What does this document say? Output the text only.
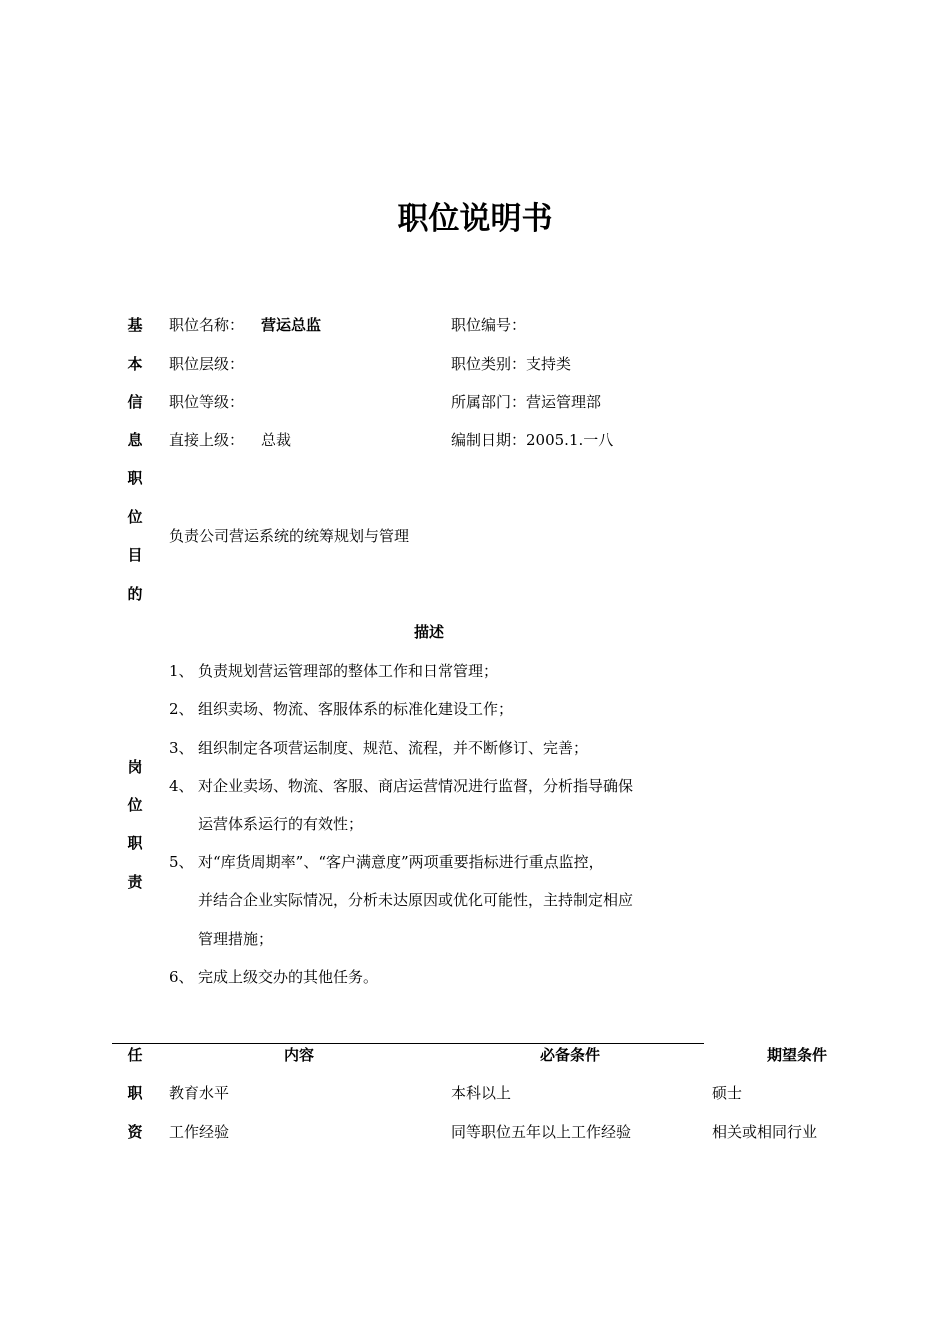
职位说明书
基
本
信
息
职
位
目
的
岗
位
职
责
任
职
资
职位名称： 营运总监	职位编号：
职位层级：	职位类别：支持类
职位等级：	所属部门：营运管理部
直接上级： 总裁	编制日期：2005.1.一八
负责公司营运系统的统筹规划与管理
描述
1、 负责规划营运管理部的整体工作和日常管理；
2、 组织卖场、物流、客服体系的标准化建设工作；
3、 组织制定各项营运制度、规范、流程，并不断修订、完善；
4、 对企业卖场、物流、客服、商店运营情况进行监督，分析指导确保
运营体系运行的有效性；
5、 对“库货周期率”、“客户满意度”两项重要指标进行重点监控，
并结合企业实际情况，分析未达原因或优化可能性，主持制定相应
管理措施；
6、 完成上级交办的其他任务。
内容	必备条件	期望条件
教育水平	本科以上	硕士
工作经验	同等职位五年以上工作经验	相关或相同行业
